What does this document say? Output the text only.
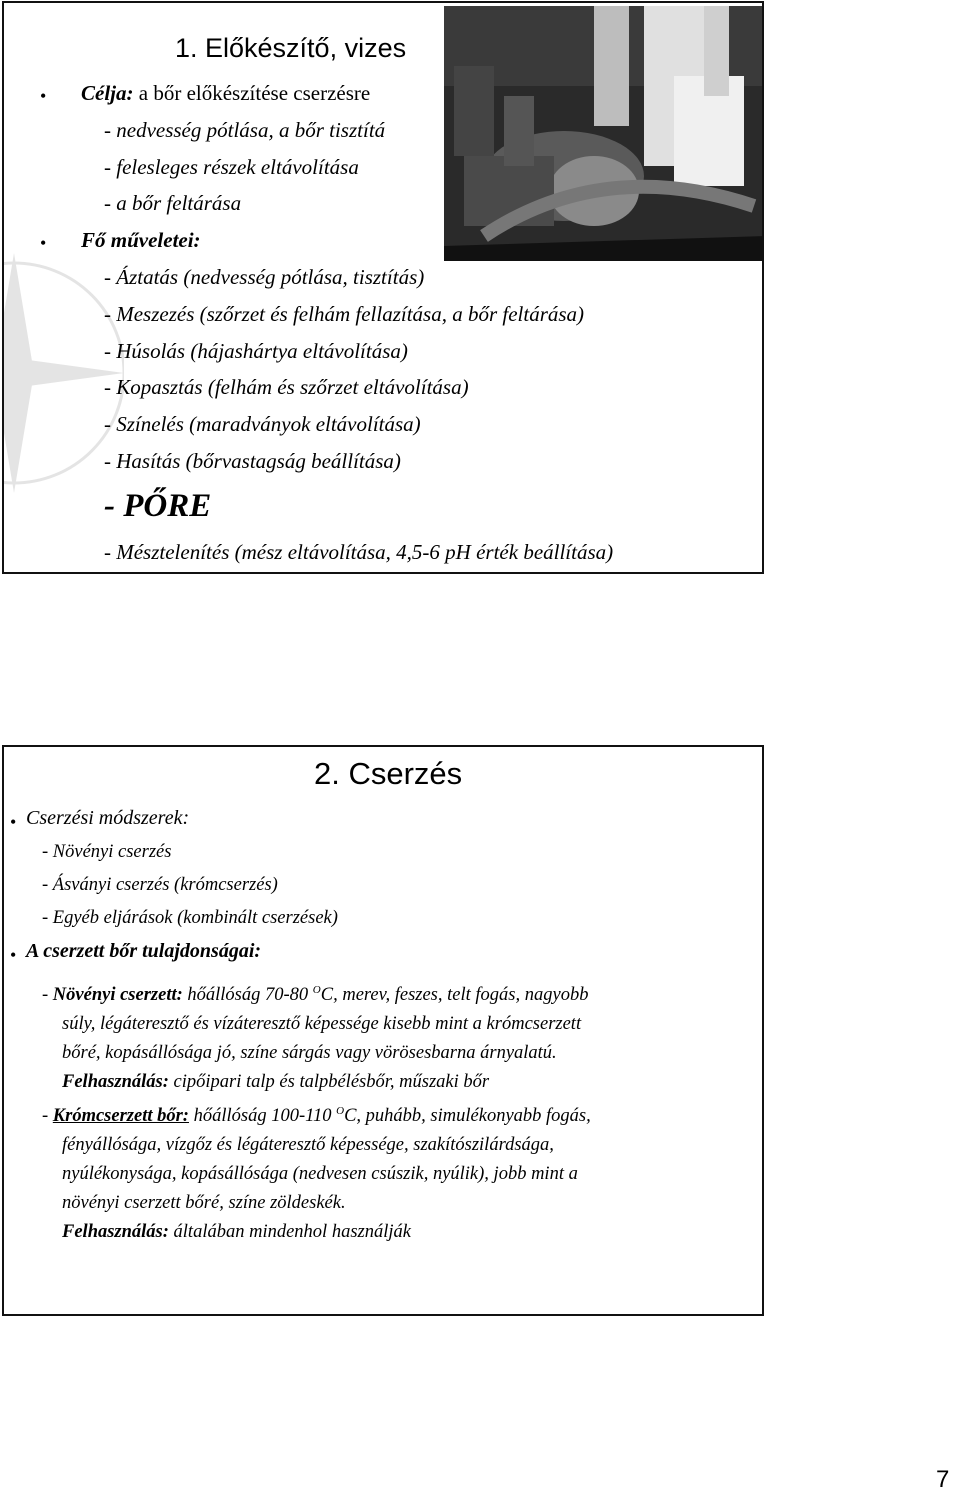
1. Előkészítő, vizes
• Célja: a bőr előkészítése cserzésre
- nedvesség pótlása, a bőr tisztítá
- felesleges részek eltávolítása
- a bőr feltárása
• Fő műveletei:
- Áztatás (nedvesség pótlása, tisztítás)
- Meszezés (szőrzet és felhám fellazítása, a bőr feltárása)
- Húsolás (hájashártya eltávolítása)
- Kopasztás (felhám és szőrzet eltávolítása)
- Színelés (maradványok eltávolítása)
- Hasítás (bőrvastagság beállítása)
- PŐRE
- Mésztelenítés (mész eltávolítása, 4,5-6 pH érték beállítása)
2. Cserzés
• Cserzési módszerek:
- Növényi cserzés
- Ásványi cserzés (krómcserzés)
- Egyéb eljárások (kombinált cserzések)
• A cserzett bőr tulajdonságai:
- Növényi cserzett: hőállóság 70-80 $^O$C, merev, feszes, telt fogás, nagyobb
súly, légáteresztő és vízáteresztő képessége kisebb mint a krómcserzett
bőré, kopásállósága jó, színe sárgás vagy vörösesbarna árnyalatú.
Felhasználás: cipőipari talp és talpbélésbőr, műszaki bőr
- Krómcserzett bőr: hőállóság 100-110 $^O$C, puhább, simulékonyabb fogás,
fényállósága, vízgőz és légáteresztő képessége, szakítószilárdsága,
nyúlékonysága, kopásállósága (nedvesen csúszik, nyúlik), jobb mint a
növényi cserzett bőré, színe zöldeskék.
Felhasználás: általában mindenhol használják
7
